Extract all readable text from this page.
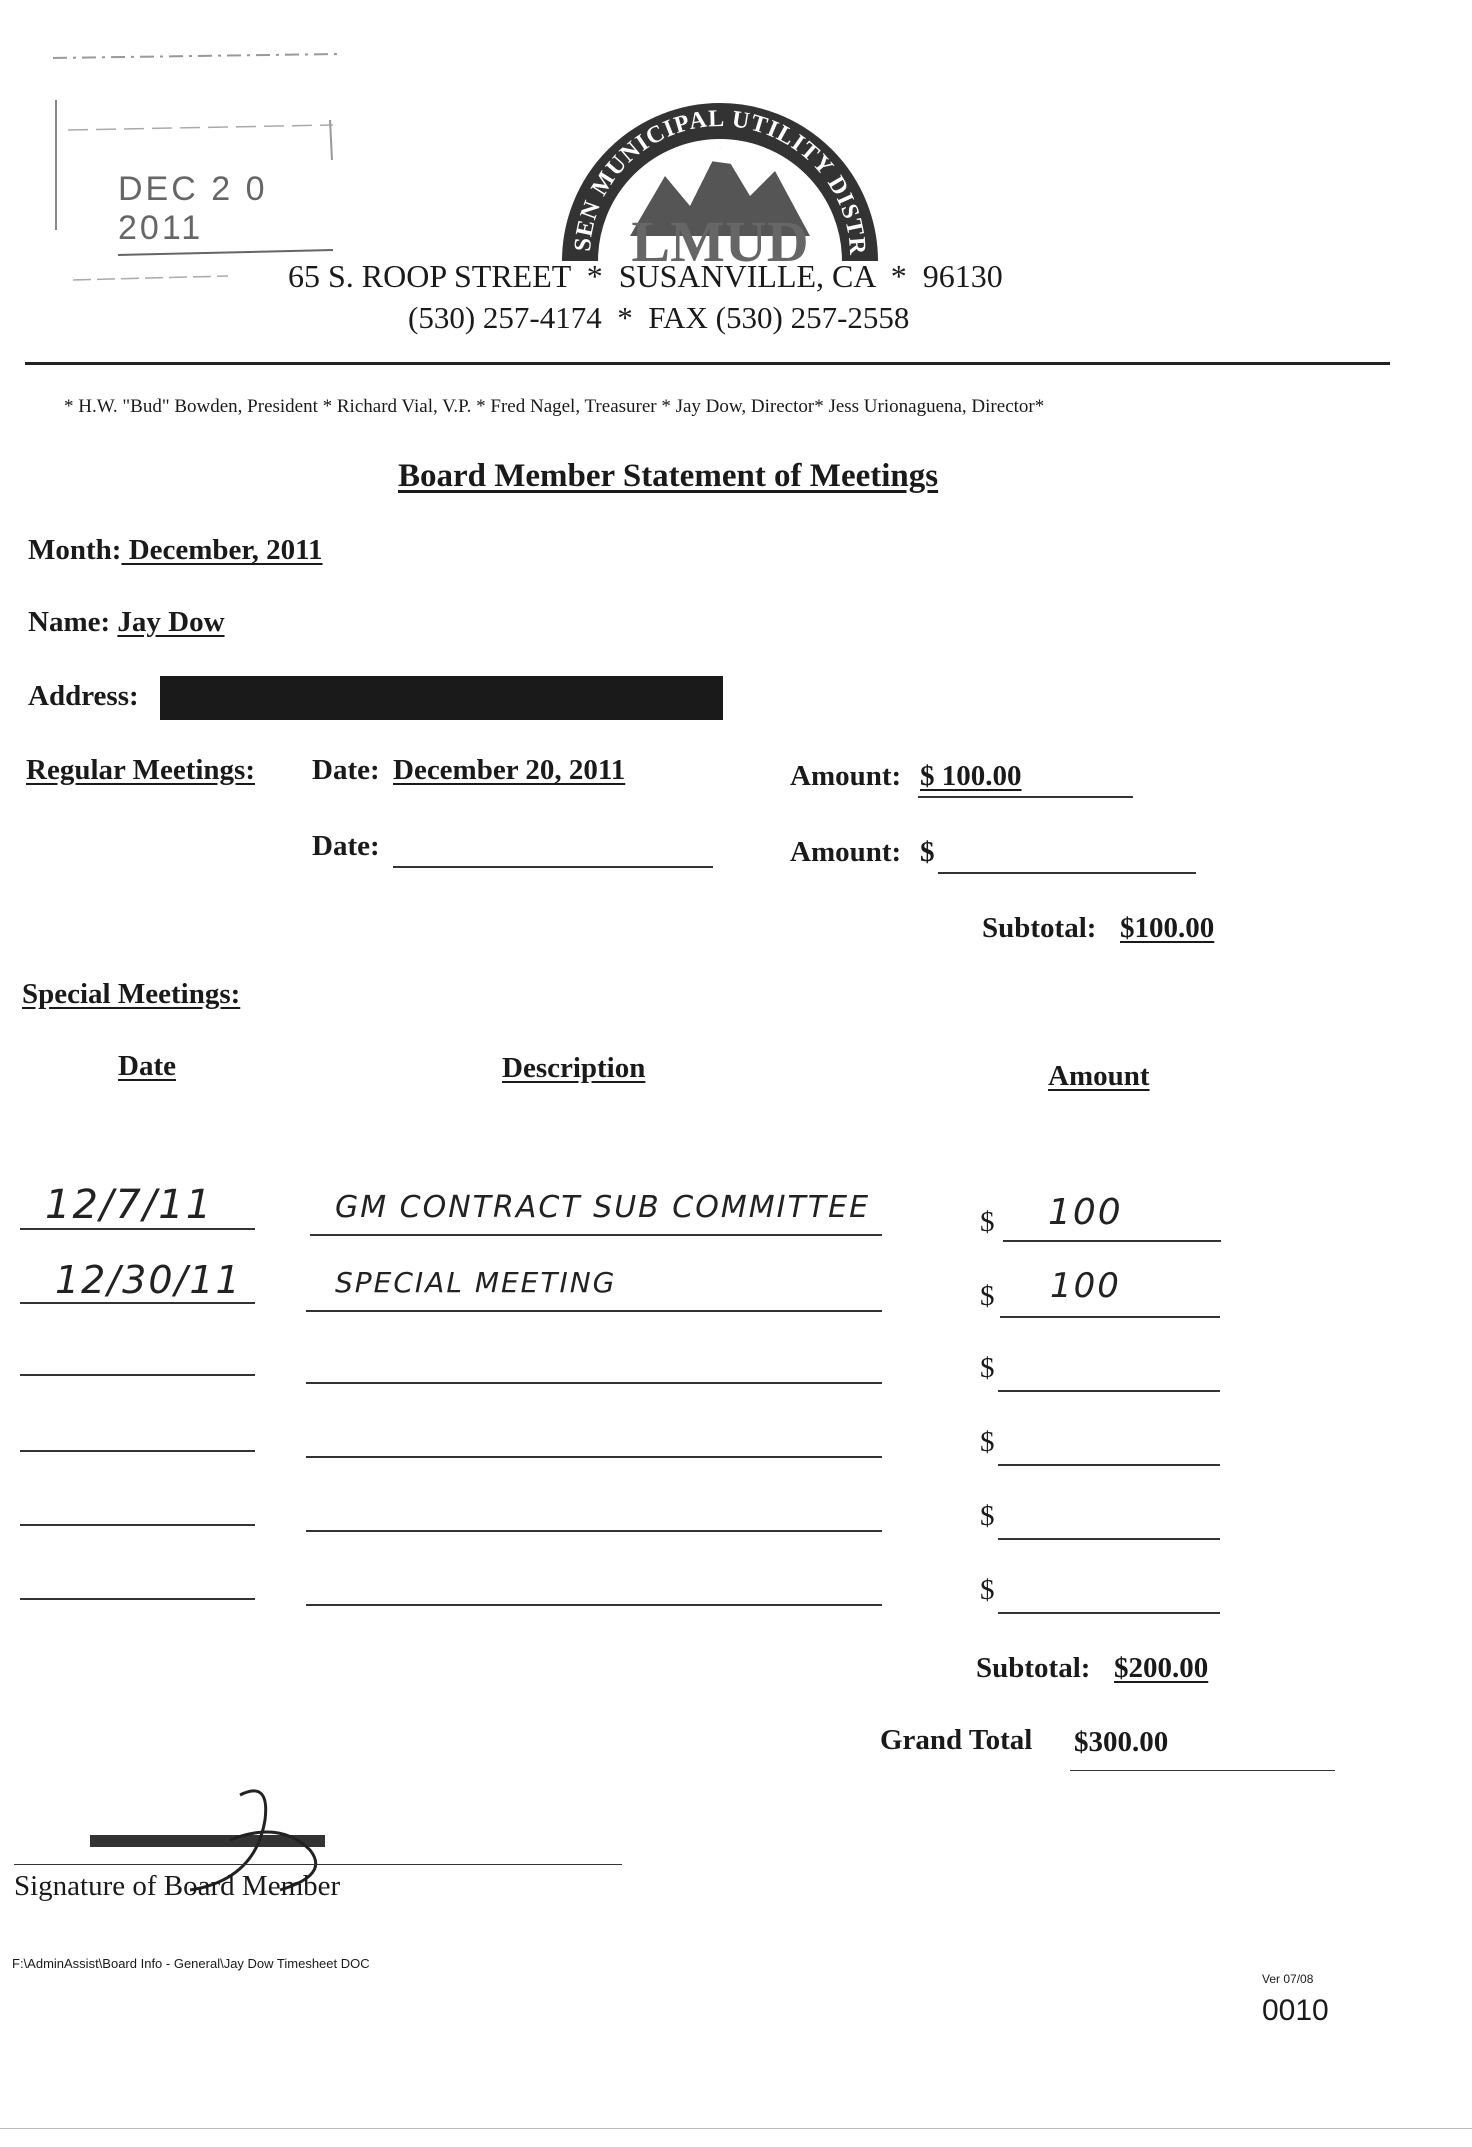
DEC 2 0 2011	SEN MUNICIPAL UTILITY DISTR
LMUD
65 S. ROOP STREET  *  SUSANVILLE, CA  *  96130
(530) 257-4174  *  FAX (530) 257-2558
* H.W. "Bud" Bowden, President * Richard Vial, V.P. * Fred Nagel, Treasurer * Jay Dow, Director* Jess Urionaguena, Director*
Board Member Statement of Meetings
Month: December, 2011
Name: Jay Dow
Address:
Regular Meetings: Date: December 20, 2011	Amount: $ 100.00
Date:	Amount: $
Subtotal: $100.00
Special Meetings:
Date	Description	Amount
12/7/11	GM CONTRACT SUB COMMITTEE	$ 100
12/30/11	SPECIAL MEETING	$ 100
$
$
$
$
Subtotal: $200.00
Grand Total $300.00
Signature of Board Member
F:\AdminAssist\Board Info - General\Jay Dow Timesheet DOC
Ver 07/08
0010
